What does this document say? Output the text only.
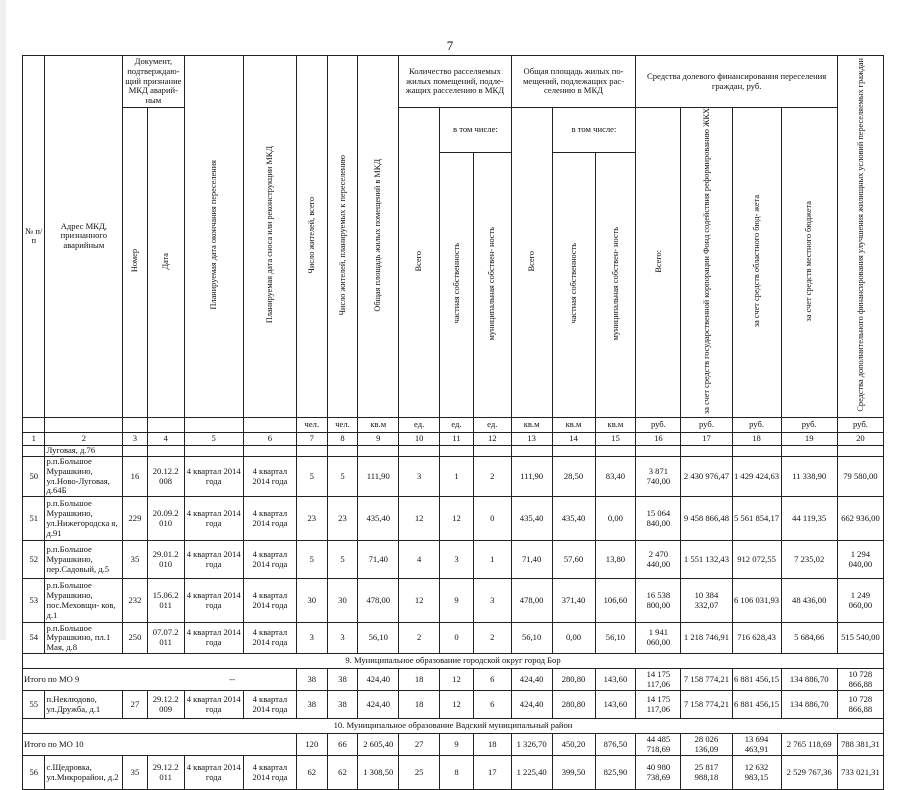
7
№ п/ п	Адрес МКД, признанного аварийным	Документ, подтверждаю- щий признание МКД аварий- ным		Планируемая дата окончания переселения	Планируемая дата сноса или реконструкции МКД	Число жителей, всего	Число жителей, планируемых к переселению	Общая площадь жилых помещений в МКД	Количество расселяемых жилых помещений, подле- жащих расселению в МКД			Общая площадь жилых по- мещений, подлежащих рас- селению в МКД			Средства долевого финансирования переселения граждан, руб.				Средства дополнительного финансирования улучшения жилищных условий переселяемых граждан
		Номер	Дата						Всего	в том числе:		Всего	в том числе:		Всего:	за счет средств государственной корпорации Фонд содействия реформированию ЖКХ	за счет средств областного бюд- жета	за счет средств местного бюджета	
										частная собственность	муниципальная собствен- ность		частная собственность	муниципальная собствен- ность					
						чел.	чел.	кв.м	ед.	ед.	ед.	кв.м	кв.м	кв.м	руб.	руб.	руб.	руб.	руб.
1	2	3	4	5	6	7	8	9	10	11	12	13	14	15	16	17	18	19	20
	Луговая, д.76																		
50	р.п.Большое Мурашкино, ул.Ново-Луговая, д.64Б	16	20.12.2 008	4 квартал 2014 года	4 квартал 2014 года	5	5	111,90	3	1	2	111,90	28,50	83,40	3 871 740,00	2 430 976,47	1 429 424,63	11 338,90	79 580,00
51	р.п.Большое Мурашкино, ул.Нижегородска я, д.91	229	20.09.2 010	4 квартал 2014 года	4 квартал 2014 года	23	23	435,40	12	12	0	435,40	435,40	0,00	15 064 840,00	9 458 866,48	5 561 854,17	44 119,35	662 936,00
52	р.п.Большое Мурашкино, пер.Садовый, д.5	35	29.01.2 010	4 квартал 2014 года	4 квартал 2014 года	5	5	71,40	4	3	1	71,40	57,60	13,80	2 470 440,00	1 551 132,43	912 072,55	7 235,02	1 294 040,00
53	р.п.Большое Мурашкино, пос.Меховщи- ков, д.1	232	15.06.2 011	4 квартал 2014 года	4 квартал 2014 года	30	30	478,00	12	9	3	478,00	371,40	106,60	16 538 800,00	10 384 332,07	6 106 031,93	48 436,00	1 249 060,00
54	р.п.Большое Мурашкино, пл.1 Мая, д.8	250	07.07.2 011	4 квартал 2014 года	4 квартал 2014 года	3	3	56,10	2	0	2	56,10	0,00	56,10	1 941 060,00	1 218 746,91	716 628,43	5 684,66	515 540,00
9. Муниципальное образование городской округ город Бор																			
Итого по МО 9 --						38	38	424,40	18	12	6	424,40	280,80	143,60	14 175 117,06	7 158 774,21	6 881 456,15	134 886,70	10 728 866,88
55	п.Неклюдово, ул.Дружба, д.1	27	29.12.2 009	4 квартал 2014 года	4 квартал 2014 года	38	38	424,40	18	12	6	424,40	280,80	143,60	14 175 117,06	7 158 774,21	6 881 456,15	134 886,70	10 728 866,88
10. Муниципальное образование Вадский муниципальный район																			
Итого по МО 10						120	66	2 605,40	27	9	18	1 326,70	450,20	876,50	44 485 718,69	28 026 136,09	13 694 463,91	2 765 118,69	788 381,31
56	с.Щедровка, ул.Микрорайон, д.2	35	29.12.2 011	4 квартал 2014 года	4 квартал 2014 года	62	62	1 308,50	25	8	17	1 225,40	399,50	825,90	40 980 738,69	25 817 988,18	12 632 983,15	2 529 767,36	733 021,31
